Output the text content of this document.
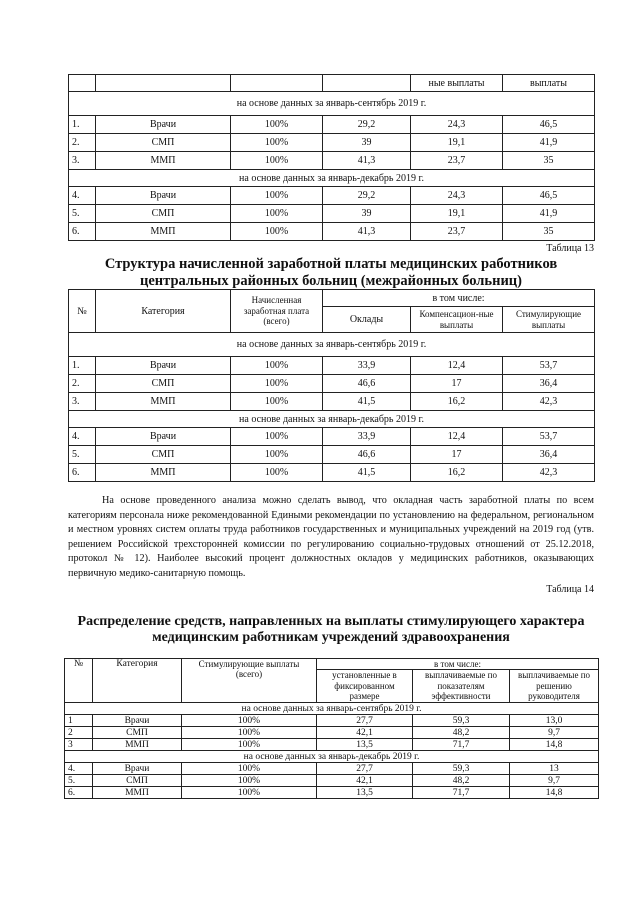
				ные выплаты	выплаты
на основе данных за январь-сентябрь 2019 г.					
1.	Врачи	100%	29,2	24,3	46,5
2.	СМП	100%	39	19,1	41,9
3.	ММП	100%	41,3	23,7	35
на основе данных за январь-декабрь 2019 г.					
4.	Врачи	100%	29,2	24,3	46,5
5.	СМП	100%	39	19,1	41,9
6.	ММП	100%	41,3	23,7	35
Таблица 13
Структура начисленной заработной платы медицинских работников центральных районных больниц (межрайонных больниц)
№	Категория	Начисленная заработная плата (всего)	в том числе:		
			Оклады	Компенсацион-ные выплаты	Стимулирующие выплаты
на основе данных за январь-сентябрь 2019 г.					
1.	Врачи	100%	33,9	12,4	53,7
2.	СМП	100%	46,6	17	36,4
3.	ММП	100%	41,5	16,2	42,3
на основе данных за январь-декабрь 2019 г.					
4.	Врачи	100%	33,9	12,4	53,7
5.	СМП	100%	46,6	17	36,4
6.	ММП	100%	41,5	16,2	42,3
На основе проведенного анализа можно сделать вывод, что окладная часть заработной платы по всем категориям персонала ниже рекомендованной Едиными рекомендации по установлению на федеральном, региональном и местном уровнях систем оплаты труда работников государственных и муниципальных учреждений на 2019 год (утв. решением Российской трехсторонней комиссии по регулированию социально-трудовых отношений от 25.12.2018, протокол № 12). Наиболее высокий процент должностных окладов у медицинских работников, оказывающих первичную медико-санитарную помощь.
Таблица 14
Распределение средств, направленных на выплаты стимулирующего характера медицинским работникам учреждений здравоохранения
№	Категория	Стимулирующие выплаты (всего)	в том числе:		
			установленные в фиксированном размере	выплачиваемые по показателям эффективности	выплачиваемые по решению руководителя
на основе данных за январь-сентябрь 2019 г.					
1	Врачи	100%	27,7	59,3	13,0
2	СМП	100%	42,1	48,2	9,7
3	ММП	100%	13,5	71,7	14,8
на основе данных за январь-декабрь 2019 г.					
4.	Врачи	100%	27,7	59,3	13
5.	СМП	100%	42,1	48,2	9,7
6.	ММП	100%	13,5	71,7	14,8
